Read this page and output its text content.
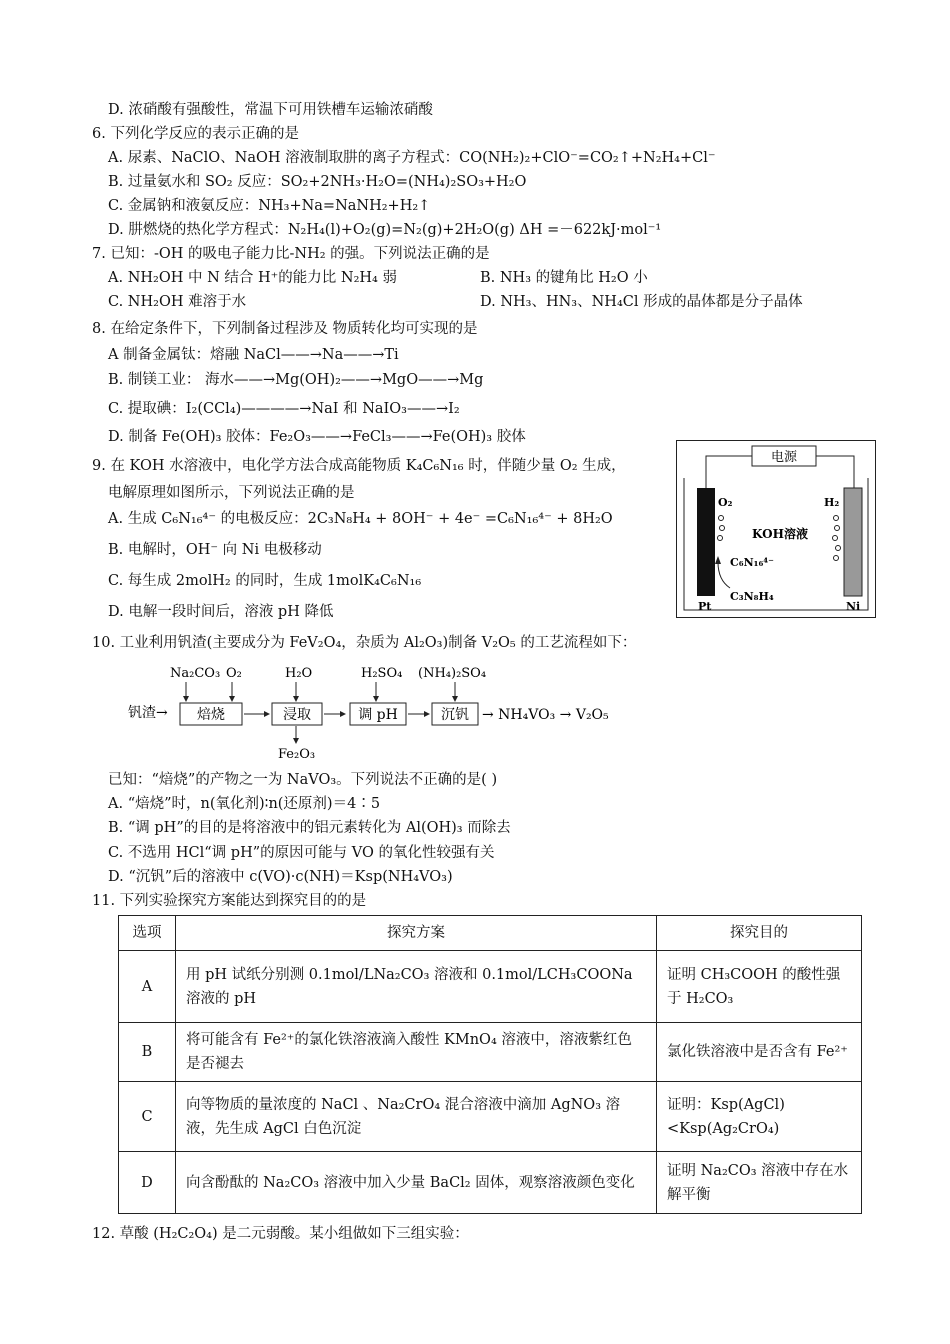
D. 浓硝酸有强酸性，常温下可用铁槽车运输浓硝酸
6. 下列化学反应的表示正确的是
A. 尿素、NaClO、NaOH 溶液制取肼的离子方程式：CO(NH₂)₂+ClO⁻=CO₂↑+N₂H₄+Cl⁻
B. 过量氨水和 SO₂ 反应：SO₂+2NH₃·H₂O=(NH₄)₂SO₃+H₂O
C. 金属钠和液氨反应：NH₃+Na=NaNH₂+H₂↑
D. 肼燃烧的热化学方程式：N₂H₄(l)+O₂(g)=N₂(g)+2H₂O(g) ΔH =－622kJ·mol⁻¹
7. 已知：-OH 的吸电子能力比-NH₂ 的强。下列说法正确的是
A. NH₂OH 中 N 结合 H⁺的能力比 N₂H₄ 弱	B. NH₃ 的键角比 H₂O 小
C. NH₂OH 难溶于水	D. NH₃、HN₃、NH₄Cl 形成的晶体都是分子晶体
8. 在给定条件下，下列制备过程涉及 物质转化均可实现的是
A 制备金属钛：熔融 NaCl——→Na——→Ti
B. 制镁工业： 海水——→Mg(OH)₂——→MgO——→Mg
C. 提取碘：I₂(CCl₄)————→NaI 和 NaIO₃——→I₂
D. 制备 Fe(OH)₃ 胶体：Fe₂O₃——→FeCl₃——→Fe(OH)₃ 胶体
9. 在 KOH 水溶液中，电化学方法合成高能物质 K₄C₆N₁₆ 时，伴随少量 O₂ 生成，
电解原理如图所示，下列说法正确的是
A. 生成 C₆N₁₆⁴⁻ 的电极反应：2C₃N₈H₄ + 8OH⁻ + 4e⁻ =C₆N₁₆⁴⁻ + 8H₂O
B. 电解时，OH⁻ 向 Ni 电极移动
C. 每生成 2molH₂ 的同时，生成 1molK₄C₆N₁₆
D. 电解一段时间后，溶液 pH 降低
电源
O₂	H₂
KOH溶液
C₆N₁₆⁴⁻
C₃N₈H₄
Pt	Ni
10. 工业利用钒渣(主要成分为 FeV₂O₄，杂质为 Al₂O₃)制备 V₂O₅ 的工艺流程如下：
钒渣→
Na₂CO₃ O₂
焙烧
H₂O
浸取
Fe₂O₃
H₂SO₄
调 pH
(NH₄)₂SO₄
沉钒 → NH₄VO₃ → V₂O₅
已知：“焙烧”的产物之一为 NaVO₃。下列说法不正确的是( )
A. “焙烧”时，n(氧化剂)∶n(还原剂)＝4∶5
B. “调 pH”的目的是将溶液中的铝元素转化为 Al(OH)₃ 而除去
C. 不选用 HCl“调 pH”的原因可能与 VO 的氧化性较强有关
D. “沉钒”后的溶液中 c(VO)·c(NH)＝Ksp(NH₄VO₃)
11. 下列实验探究方案能达到探究目的的是
选项	探究方案	探究目的
A	用 pH 试纸分别测 0.1mol/LNa₂CO₃ 溶液和 0.1mol/LCH₃COONa 溶液的 pH	证明 CH₃COOH 的酸性强于 H₂CO₃
B	将可能含有 Fe²⁺的氯化铁溶液滴入酸性 KMnO₄ 溶液中，溶液紫红色是否褪去	氯化铁溶液中是否含有 Fe²⁺
C	向等物质的量浓度的 NaCl 、Na₂CrO₄ 混合溶液中滴加 AgNO₃ 溶液，先生成 AgCl 白色沉淀	证明：Ksp(AgCl)<Ksp(Ag₂CrO₄)
D	向含酚酞的 Na₂CO₃ 溶液中加入少量 BaCl₂ 固体，观察溶液颜色变化	证明 Na₂CO₃ 溶液中存在水解平衡
12. 草酸 (H₂C₂O₄) 是二元弱酸。某小组做如下三组实验：
